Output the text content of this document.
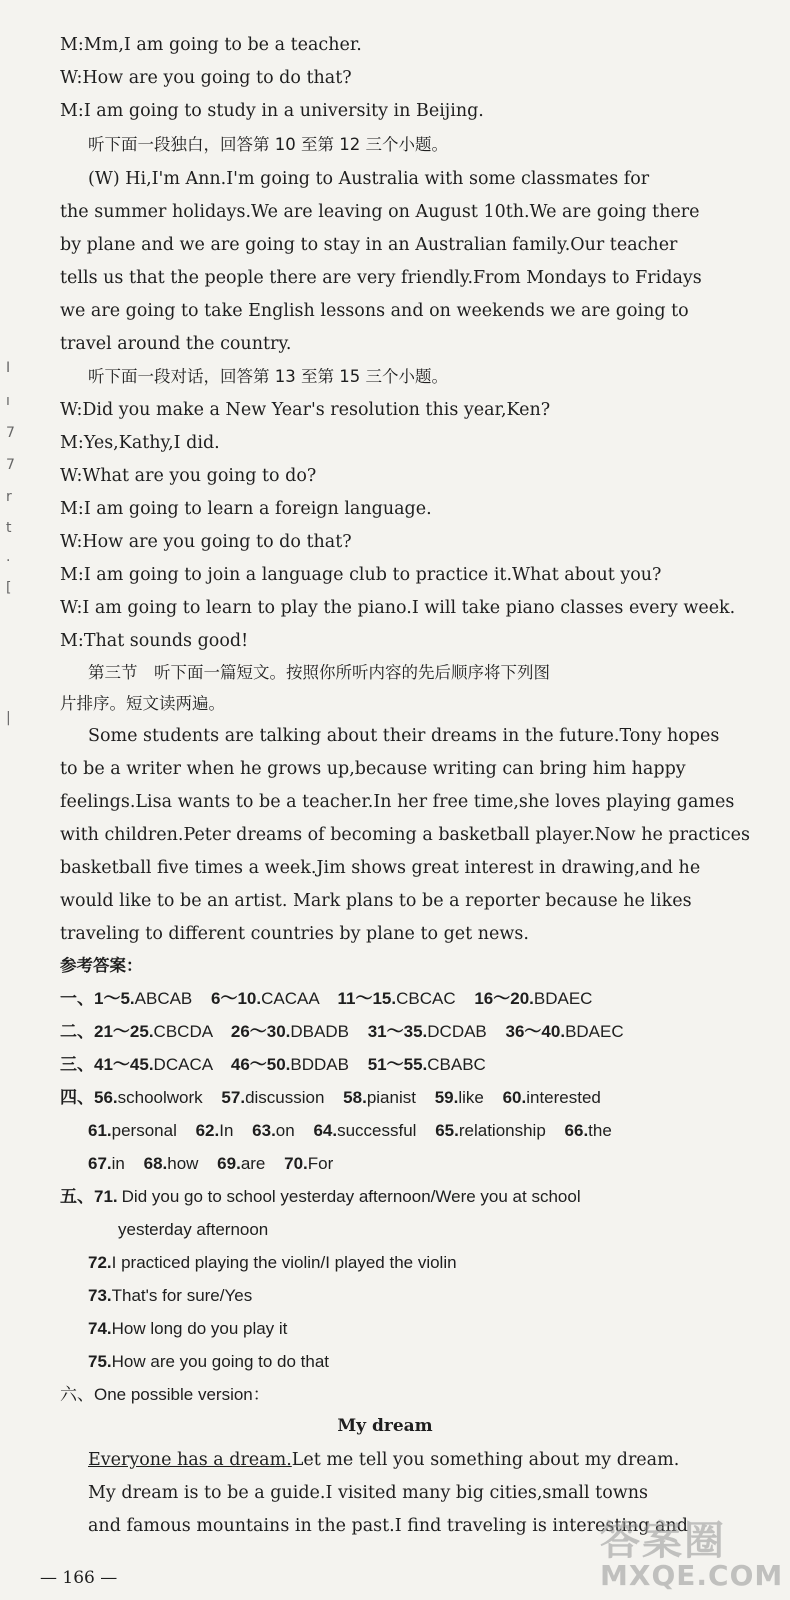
M:Mm,I am going to be a teacher.
W:How are you going to do that?
M:I am going to study in a university in Beijing.
听下面一段独白，回答第 10 至第 12 三个小题。
(W) Hi,I'm Ann.I'm going to Australia with some classmates for
the summer holidays.We are leaving on August 10th.We are going there
by plane and we are going to stay in an Australian family.Our teacher
tells us that the people there are very friendly.From Mondays to Fridays
we are going to take English lessons and on weekends we are going to
travel around the country.
听下面一段对话，回答第 13 至第 15 三个小题。
W:Did you make a New Year's resolution this year,Ken?
M:Yes,Kathy,I did.
W:What are you going to do?
M:I am going to learn a foreign language.
W:How are you going to do that?
M:I am going to join a language club to practice it.What about you?
W:I am going to learn to play the piano.I will take piano classes every week.
M:That sounds good!
第三节　听下面一篇短文。按照你所听内容的先后顺序将下列图
片排序。短文读两遍。
Some students are talking about their dreams in the future.Tony hopes
to be a writer when he grows up,because writing can bring him happy
feelings.Lisa wants to be a teacher.In her free time,she loves playing games
with children.Peter dreams of becoming a basketball player.Now he practices
basketball five times a week.Jim shows great interest in drawing,and he
would like to be an artist. Mark plans to be a reporter because he likes
traveling to different countries by plane to get news.
参考答案：
一、1～5.ABCAB 6～10.CACAA 11～15.CBCAC 16～20.BDAEC
二、21～25.CBCDA 26～30.DBADB 31～35.DCDAB 36～40.BDAEC
三、41～45.DCACA 46～50.BDDAB 51～55.CBABC
四、56.schoolwork 57.discussion 58.pianist 59.like 60.interested
61.personal 62.In 63.on 64.successful 65.relationship 66.the
67.in 68.how 69.are 70.For
五、71. Did you go to school yesterday afternoon/Were you at school
yesterday afternoon
72.I practiced playing the violin/I played the violin
73.That's for sure/Yes
74.How long do you play it
75.How are you going to do that
六、One possible version：
My dream
Everyone has a dream.Let me tell you something about my dream.
My dream is to be a guide.I visited many big cities,small towns
and famous mountains in the past.I find traveling is interesting and
I
ı
7
7
r
t
.
[
|
— 166 —
答案圈
MXQE.COM
